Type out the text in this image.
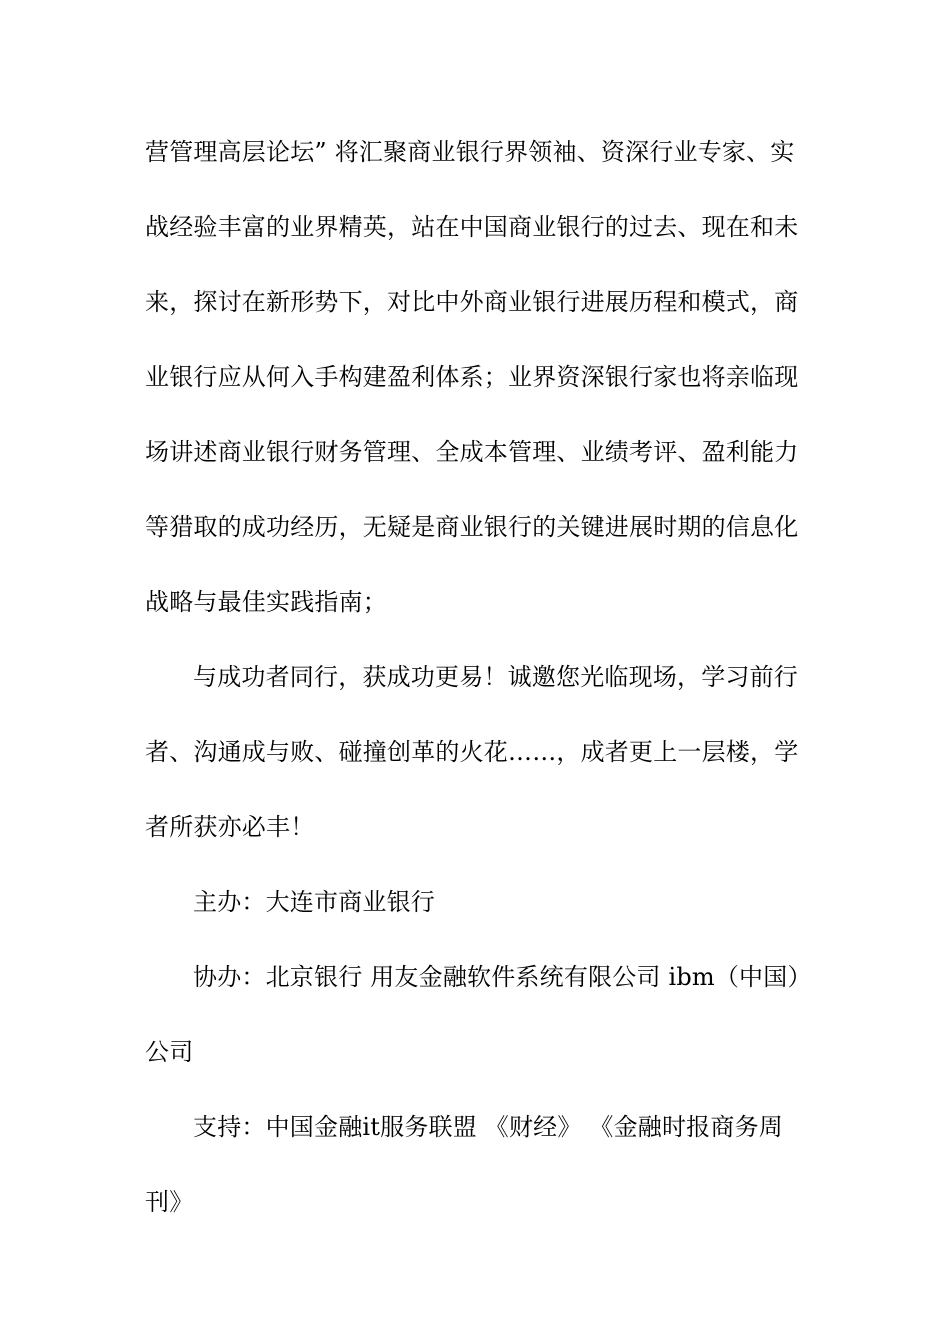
营管理高层论坛” 将汇聚商业银行界领袖、资深行业专家、实
战经验丰富的业界精英，站在中国商业银行的过去、现在和未
来，探讨在新形势下，对比中外商业银行进展历程和模式，商
业银行应从何入手构建盈利体系；业界资深银行家也将亲临现
场讲述商业银行财务管理、全成本管理、业绩考评、盈利能力
等猎取的成功经历，无疑是商业银行的关键进展时期的信息化
战略与最佳实践指南；
与成功者同行，获成功更易！诚邀您光临现场，学习前行
者、沟通成与败、碰撞创革的火花……，成者更上一层楼，学
者所获亦必丰！
主办：大连市商业银行
协办：北京银行 用友金融软件系统有限公司 ibm（中国）
公司
支持：中国金融it服务联盟 《财经》 《金融时报商务周
刊》
